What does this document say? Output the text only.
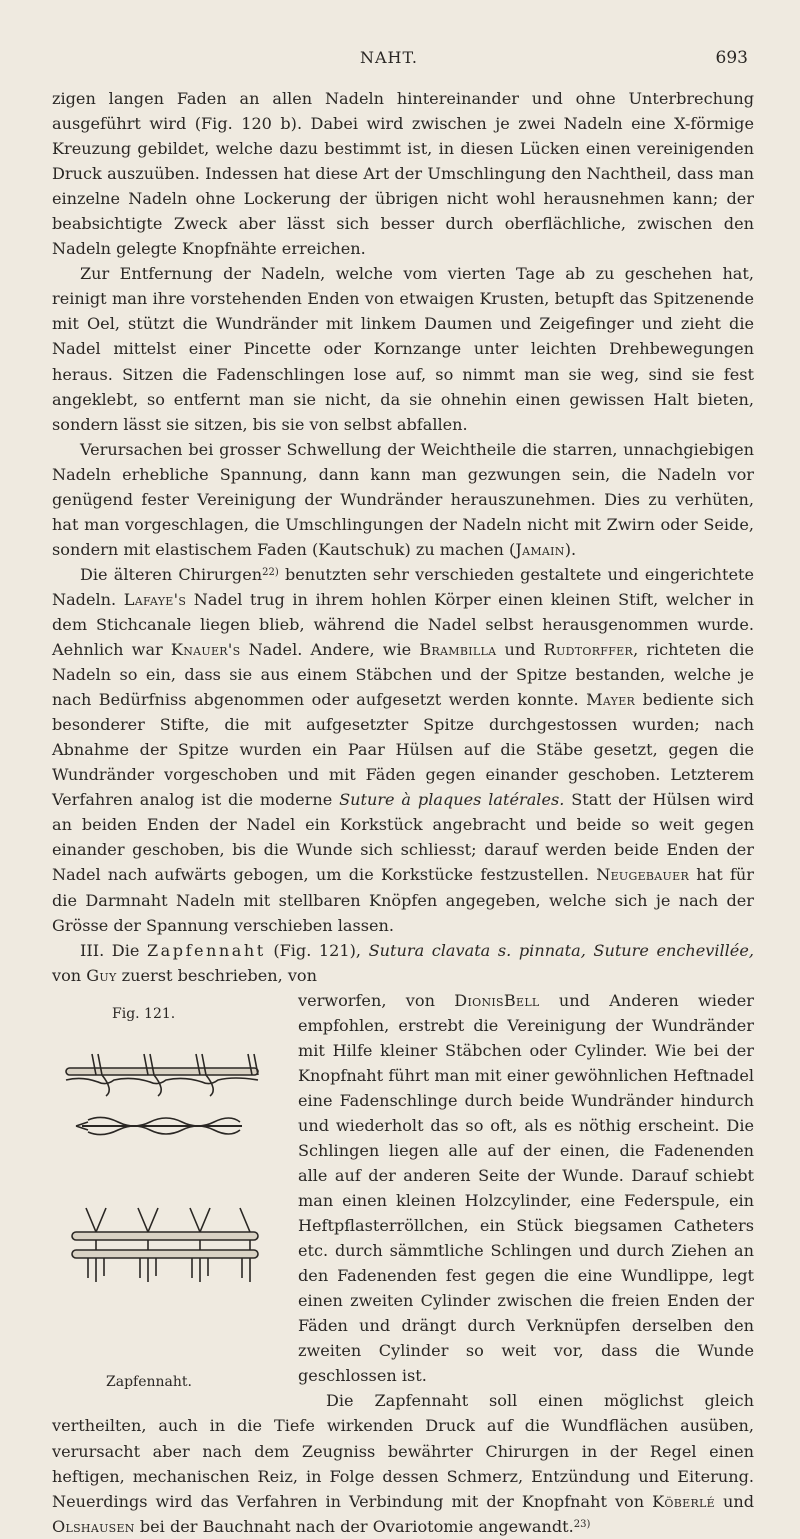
NAHT.	693

zigen langen Faden an allen Nadeln hintereinander und ohne Unterbrechung ausgeführt wird (Fig. 120 b). Dabei wird zwischen je zwei Nadeln eine X-förmige Kreuzung gebildet, welche dazu bestimmt ist, in diesen Lücken einen vereinigenden Druck auszuüben. Indessen hat diese Art der Umschlingung den Nachtheil, dass man einzelne Nadeln ohne Lockerung der übrigen nicht wohl herausnehmen kann; der beabsichtigte Zweck aber lässt sich besser durch oberflächliche, zwischen den Nadeln gelegte Knopfnähte erreichen.

Zur Entfernung der Nadeln, welche vom vierten Tage ab zu geschehen hat, reinigt man ihre vorstehenden Enden von etwaigen Krusten, betupft das Spitzenende mit Oel, stützt die Wundränder mit linkem Daumen und Zeigefinger und zieht die Nadel mittelst einer Pincette oder Kornzange unter leichten Drehbewegungen heraus. Sitzen die Fadenschlingen lose auf, so nimmt man sie weg, sind sie fest angeklebt, so entfernt man sie nicht, da sie ohnehin einen gewissen Halt bieten, sondern lässt sie sitzen, bis sie von selbst abfallen.

Verursachen bei grosser Schwellung der Weichtheile die starren, unnachgiebigen Nadeln erhebliche Spannung, dann kann man gezwungen sein, die Nadeln vor genügend fester Vereinigung der Wundränder herauszunehmen. Dies zu verhüten, hat man vorgeschlagen, die Umschlingungen der Nadeln nicht mit Zwirn oder Seide, sondern mit elastischem Faden (Kautschuk) zu machen (Jamain).

Die älteren Chirurgen$^{22)}$ benutzten sehr verschieden gestaltete und eingerichtete Nadeln. Lafaye's Nadel trug in ihrem hohlen Körper einen kleinen Stift, welcher in dem Stichcanale liegen blieb, während die Nadel selbst herausgenommen wurde. Aehnlich war Knauer's Nadel. Andere, wie Brambilla und Rudtorffer, richteten die Nadeln so ein, dass sie aus einem Stäbchen und der Spitze bestanden, welche je nach Bedürfniss abgenommen oder aufgesetzt werden konnte. Mayer bediente sich besonderer Stifte, die mit aufgesetzter Spitze durchgestossen wurden; nach Abnahme der Spitze wurden ein Paar Hülsen auf die Stäbe gesetzt, gegen die Wundränder vorgeschoben und mit Fäden gegen einander geschoben. Letzterem Verfahren analog ist die moderne Suture à plaques latérales. Statt der Hülsen wird an beiden Enden der Nadel ein Korkstück angebracht und beide so weit gegen einander geschoben, bis die Wunde sich schliesst; darauf werden beide Enden der Nadel nach aufwärts gebogen, um die Korkstücke festzustellen. Neugebauer hat für die Darmnaht Nadeln mit stellbaren Knöpfen angegeben, welche sich je nach der Grösse der Spannung verschieben lassen.

III. Die Zapfennaht (Fig. 121), Sutura clavata s. pinnata, Suture enchevillée, von Guy zuerst beschrieben, von

Fig. 121.
Zapfennaht.
verworfen, von DionisBell und Anderen wieder empfohlen, erstrebt die Vereinigung der Wundränder mit Hilfe kleiner Stäbchen oder Cylinder. Wie bei der Knopfnaht führt man mit einer gewöhnlichen Heftnadel eine Fadenschlinge durch beide Wundränder hindurch und wiederholt das so oft, als es nöthig erscheint. Die Schlingen liegen alle auf der einen, die Fadenenden alle auf der anderen Seite der Wunde. Darauf schiebt man einen kleinen Holzcylinder, eine Federspule, ein Heftpflasterröllchen, ein Stück biegsamen Catheters etc. durch sämmtliche Schlingen und durch Ziehen an den Fadenenden fest gegen die eine Wundlippe, legt einen zweiten Cylinder zwischen die freien Enden der Fäden und drängt durch Verknüpfen derselben den zweiten Cylinder so weit vor, dass die Wunde geschlossen ist.

Die Zapfennaht soll einen möglichst gleich vertheilten, auch in die Tiefe wirkenden Druck auf die Wundflächen ausüben, verursacht aber nach dem Zeugniss bewährter Chirurgen in der Regel einen heftigen, mechanischen Reiz, in Folge dessen Schmerz, Entzündung und Eiterung. Neuerdings wird das Verfahren in Verbindung mit der Knopfnaht von Köberlé und Olshausen bei der Bauchnaht nach der Ovariotomie angewandt.$^{23)}$
